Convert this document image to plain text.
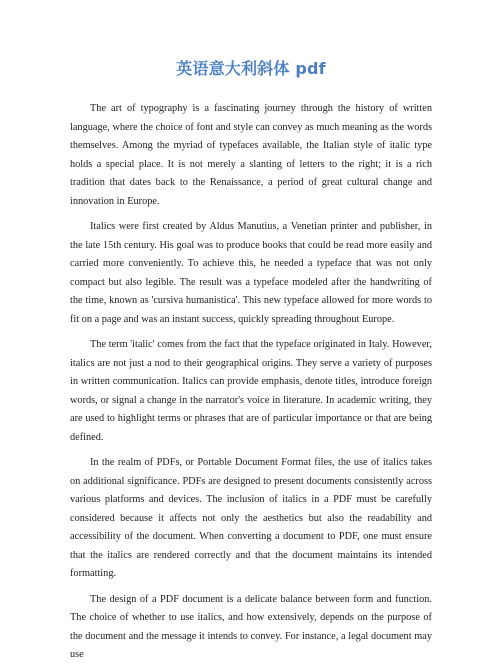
英语意大利斜体 pdf

The art of typography is a fascinating journey through the history of written language, where the choice of font and style can convey as much meaning as the words themselves. Among the myriad of typefaces available, the Italian style of italic type holds a special place. It is not merely a slanting of letters to the right; it is a rich tradition that dates back to the Renaissance, a period of great cultural change and innovation in Europe.

Italics were first created by Aldus Manutius, a Venetian printer and publisher, in the late 15th century. His goal was to produce books that could be read more easily and carried more conveniently. To achieve this, he needed a typeface that was not only compact but also legible. The result was a typeface modeled after the handwriting of the time, known as 'cursiva humanistica'. This new typeface allowed for more words to fit on a page and was an instant success, quickly spreading throughout Europe.

The term 'italic' comes from the fact that the typeface originated in Italy. However, italics are not just a nod to their geographical origins. They serve a variety of purposes in written communication. Italics can provide emphasis, denote titles, introduce foreign words, or signal a change in the narrator's voice in literature. In academic writing, they are used to highlight terms or phrases that are of particular importance or that are being defined.

In the realm of PDFs, or Portable Document Format files, the use of italics takes on additional significance. PDFs are designed to present documents consistently across various platforms and devices. The inclusion of italics in a PDF must be carefully considered because it affects not only the aesthetics but also the readability and accessibility of the document. When converting a document to PDF, one must ensure that the italics are rendered correctly and that the document maintains its intended formatting.

The design of a PDF document is a delicate balance between form and function. The choice of whether to use italics, and how extensively, depends on the purpose of the document and the message it intends to convey. For instance, a legal document may use
